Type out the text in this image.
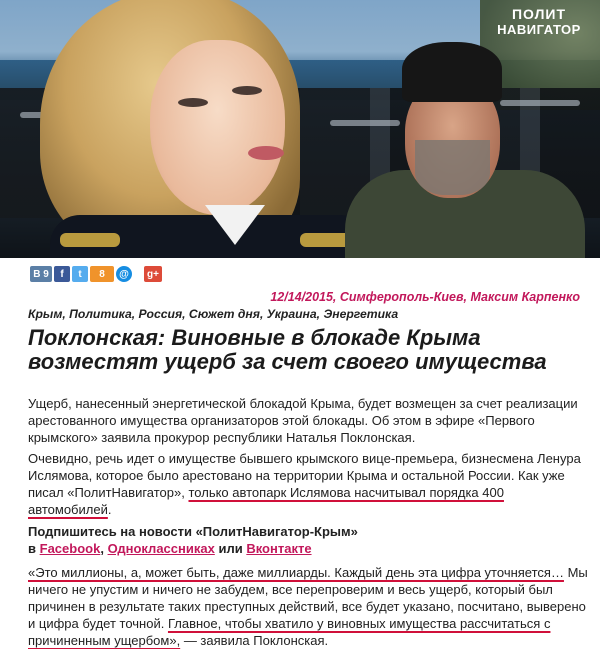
ПОЛИТ
НАВИГАТОР
В 9	f	t	8	@	g+
12/14/2015, Симферополь-Киев, Максим Карпенко
Крым, Политика, Россия, Сюжет дня, Украина, Энергетика
Поклонская: Виновные в блокаде Крыма возместят ущерб за счет своего имущества
Ущерб, нанесенный энергетической блокадой Крыма, будет возмещен за счет реализации арестованного имущества организаторов этой блокады. Об этом в эфире «Первого крымского» заявила прокурор республики Наталья Поклонская.
Очевидно, речь идет о имуществе бывшего крымского вице-премьера, бизнесмена Ленура Ислямова, которое было арестовано на территории Крыма и остальной России. Как уже писал «ПолитНавигатор», только автопарк Ислямова насчитывал порядка 400 автомобилей.
Подпишитесь на новости «ПолитНавигатор-Крым»
в Facebook, Одноклассниках или Вконтакте
«Это миллионы, а, может быть, даже миллиарды. Каждый день эта цифра уточняется… Мы ничего не упустим и ничего не забудем, все перепроверим и весь ущерб, который был причинен в результате таких преступных действий, все будет указано, посчитано, выверено и цифра будет точной. Главное, чтобы хватило у виновных имущества рассчитаться с причиненным ущербом», — заявила Поклонская.
